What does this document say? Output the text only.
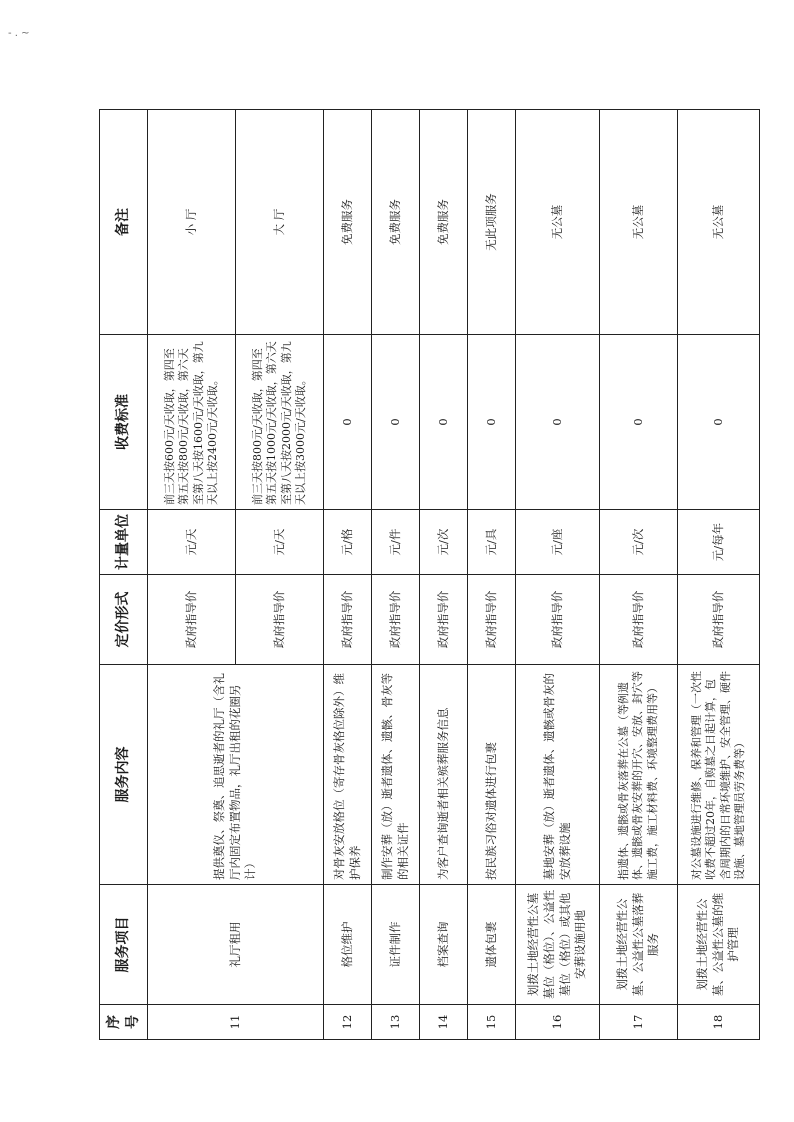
- . ~
序号	服务项目	服务内容	定价形式	计量单位	收费标准	备注
11	礼厅租用	提供奠仪、祭奠、追思逝者的礼厅（含礼厅内固定布置物品，礼厅出租的花圈另计）	政府指导价	元/天	前三天按600元/天收取，第四至第五天按800元/天收取，第六天至第八天按1600元/天收取，第九天以上按2400元/天收取。	小 厅
			政府指导价	元/天	前三天按800元/天收取，第四至第五天按1000元/天收取，第六天至第八天按2000元/天收取，第九天以上按3000元/天收取。	大 厅
12	格位维护	对骨灰安放格位（寄存骨灰格位除外）维护保养	政府指导价	元/格	0	免费服务
13	证件制作	制作安葬（放）逝者遗体、遗骸、骨灰等的相关证件	政府指导价	元/件	0	免费服务
14	档案查询	为客户查询逝者相关殡葬服务信息	政府指导价	元/次	0	免费服务
15	遗体包裹	按民族习俗对遗体进行包裹	政府指导价	元/具	0	无此项服务
16	划拨土地经营性公墓墓位（格位）、公益性墓位（格位）或其他安葬设施用地	墓地安葬（放）逝者遗体、遗骸或骨灰的安放葬设施	政府指导价	元/座	0	无公墓
17	划拨土地经营性公墓、公益性公墓落葬服务	指遗体、遗骸或骨灰落葬在公墓（等例遗体、遗骸或骨灰安葬的开穴、安放、封穴等施工费，施工材料费、环境整理费用等）	政府指导价	元/次	0	无公墓
18	划拨土地经营性公墓、公益性公墓的维护管理	对公墓设施进行维修、保养和管理（一次性收费不超过20年，自购墓之日起计算，包含周期内的日常环境维护、安全管理、硬件设施、墓地管理员劳务费等）	政府指导价	元/每年	0	无公墓
